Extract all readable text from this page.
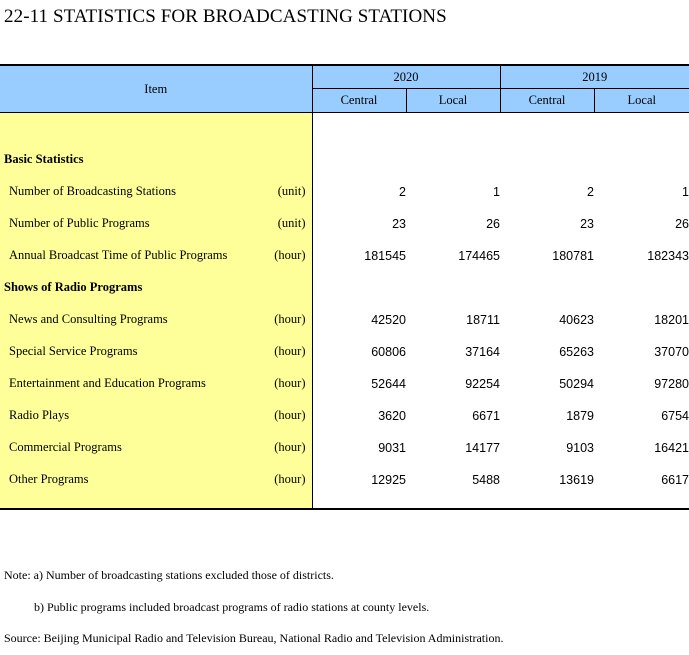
22-11 STATISTICS FOR BROADCASTING STATIONS
Item	2020		2019	
	Central	Local	Central	Local

Basic Statistics				

Number of Broadcasting Stations (unit)	2	1	2	1

Number of Public Programs (unit)	23	26	23	26

Annual Broadcast Time of Public Programs (hour)	181545	174465	180781	182343

Shows of Radio Programs				

News and Consulting Programs (hour)	42520	18711	40623	18201

Special Service Programs (hour)	60806	37164	65263	37070

Entertainment and Education Programs (hour)	52644	92254	50294	97280

Radio Plays (hour)	3620	6671	1879	6754

Commercial Programs (hour)	9031	14177	9103	16421

Other Programs (hour)	12925	5488	13619	6617

Note: a) Number of broadcasting stations excluded those of districts.
b) Public programs included broadcast programs of radio stations at county levels.
Source: Beijing Municipal Radio and Television Bureau, National Radio and Television Administration.
